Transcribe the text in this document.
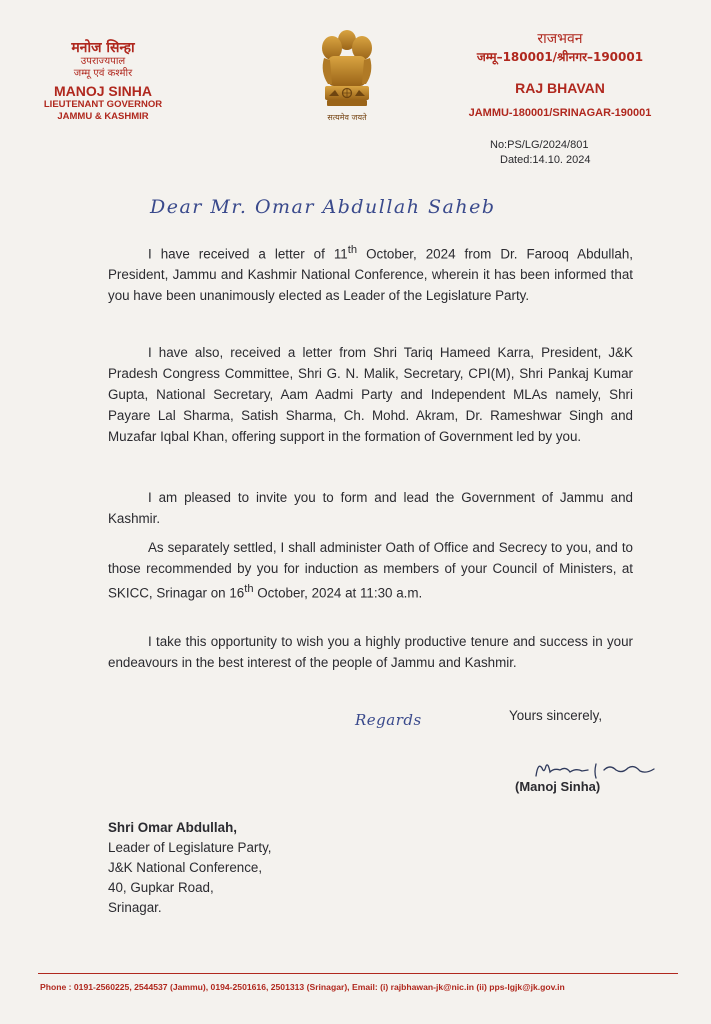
मनोज सिन्हा
उपराज्यपाल
जम्मू एवं कश्मीर
MANOJ SINHA
LIEUTENANT GOVERNOR
JAMMU & KASHMIR	सत्यमेव जयते
राजभवन
जम्मू–180001/श्रीनगर–190001
RAJ BHAVAN
JAMMU-180001/SRINAGAR-190001
No:PS/LG/2024/801
Dated:14.10. 2024
Dear Mr. Omar Abdullah Saheb

I have received a letter of 11th October, 2024 from Dr. Farooq Abdullah, President, Jammu and Kashmir National Conference, wherein it has been informed that you have been unanimously elected as Leader of the Legislature Party.

I have also, received a letter from Shri Tariq Hameed Karra, President, J&K Pradesh Congress Committee, Shri G. N. Malik, Secretary, CPI(M), Shri Pankaj Kumar Gupta, National Secretary, Aam Aadmi Party and Independent MLAs namely, Shri Payare Lal Sharma, Satish Sharma, Ch. Mohd. Akram, Dr. Rameshwar Singh and Muzafar Iqbal Khan, offering support in the formation of Government led by you.

I am pleased to invite you to form and lead the Government of Jammu and Kashmir.

As separately settled, I shall administer Oath of Office and Secrecy to you, and to those recommended by you for induction as members of your Council of Ministers, at SKICC, Srinagar on 16th October, 2024 at 11:30 a.m.

I take this opportunity to wish you a highly productive tenure and success in your endeavours in the best interest of the people of Jammu and Kashmir.

Regards	Yours sincerely,
(Manoj Sinha)
Shri Omar Abdullah,
Leader of Legislature Party,
J&K National Conference,
40, Gupkar Road,
Srinagar.
Phone : 0191-2560225, 2544537 (Jammu), 0194-2501616, 2501313 (Srinagar), Email: (i) rajbhawan-jk@nic.in (ii) pps-lgjk@jk.gov.in
